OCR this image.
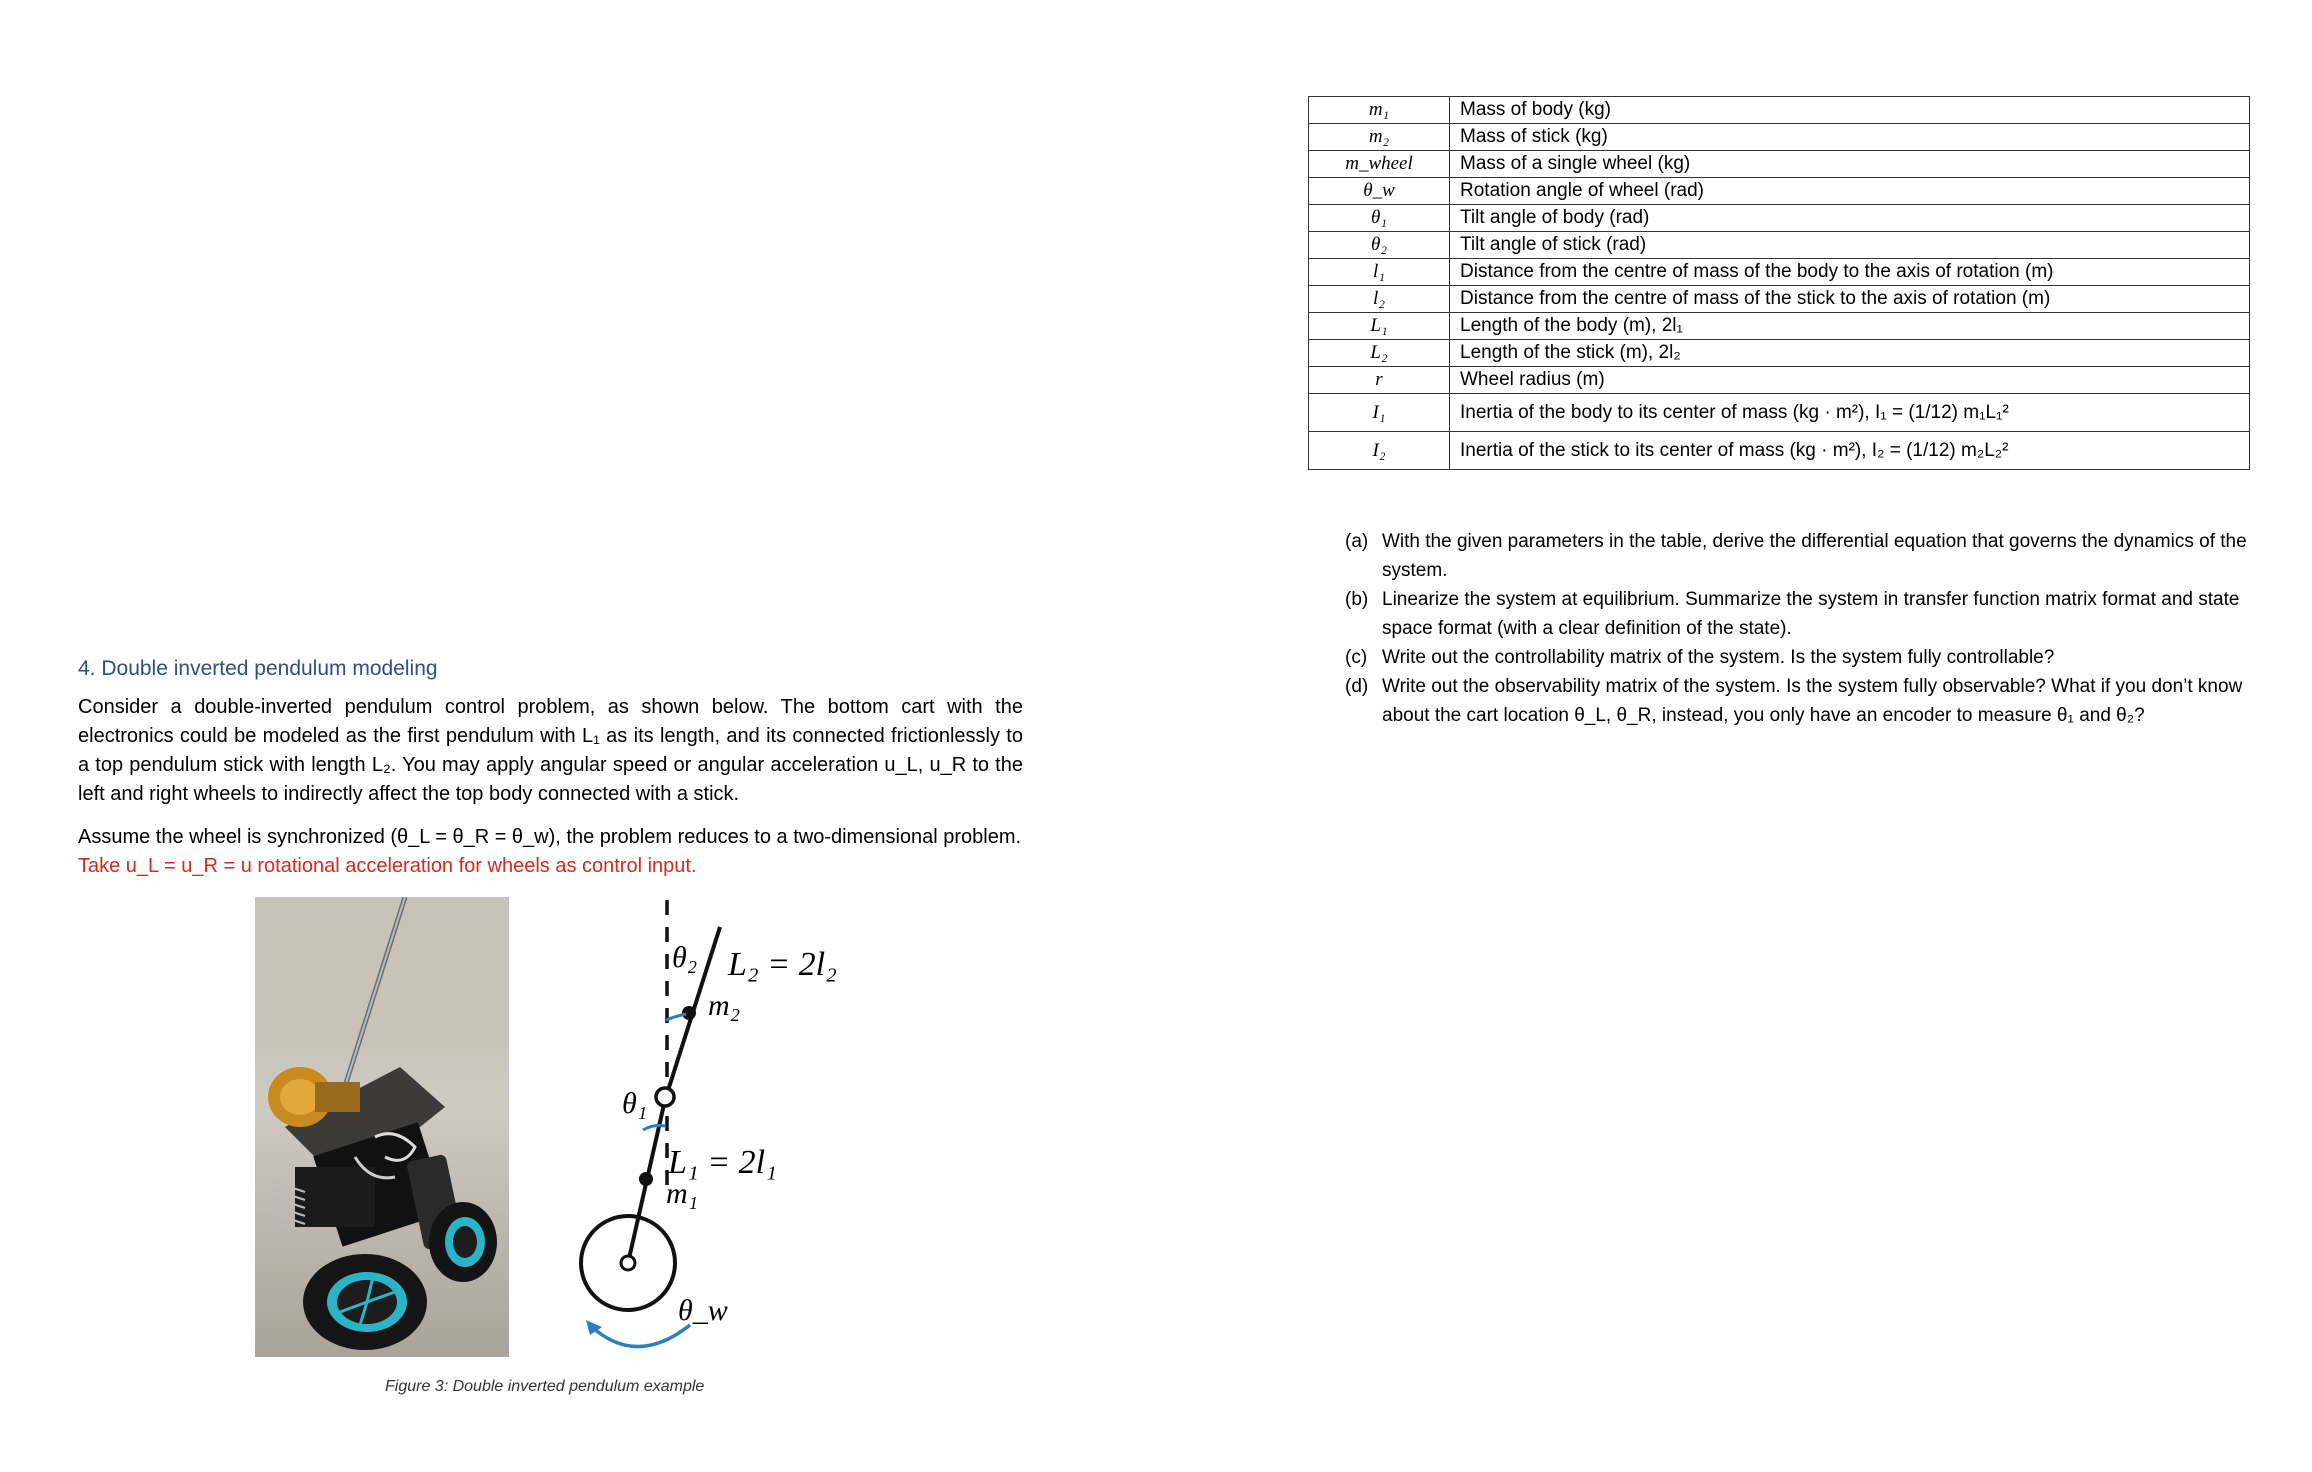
4. Double inverted pendulum modeling

Consider a double-inverted pendulum control problem, as shown below. The bottom cart with the electronics could be modeled as the first pendulum with L₁ as its length, and its connected frictionlessly to a top pendulum stick with length L₂. You may apply angular speed or angular acceleration u_L, u_R to the left and right wheels to indirectly affect the top body connected with a stick.

Assume the wheel is synchronized (θ_L = θ_R = θ_w), the problem reduces to a two-dimensional problem.
Take u_L = u_R = u rotational acceleration for wheels as control input.

θ₂ L₂ = 2l₂
m₂
θ₁
L₁ = 2l₁
m₁
θ_w
Figure 3: Double inverted pendulum example
m₁	Mass of body (kg)
m₂	Mass of stick (kg)
m_wheel	Mass of a single wheel (kg)
θ_w	Rotation angle of wheel (rad)
θ₁	Tilt angle of body (rad)
θ₂	Tilt angle of stick (rad)
l₁	Distance from the centre of mass of the body to the axis of rotation (m)
l₂	Distance from the centre of mass of the stick to the axis of rotation (m)
L₁	Length of the body (m), 2l₁
L₂	Length of the stick (m), 2l₂
r	Wheel radius (m)
I₁	Inertia of the body to its center of mass (kg · m²), I₁ = (1/12) m₁L₁²
I₂	Inertia of the stick to its center of mass (kg · m²), I₂ = (1/12) m₂L₂²
(a) With the given parameters in the table, derive the differential equation that governs the dynamics of the system.
(b) Linearize the system at equilibrium. Summarize the system in transfer function matrix format and state space format (with a clear definition of the state).
(c) Write out the controllability matrix of the system. Is the system fully controllable?
(d) Write out the observability matrix of the system. Is the system fully observable? What if you don’t know about the cart location θ_L, θ_R, instead, you only have an encoder to measure θ₁ and θ₂?
